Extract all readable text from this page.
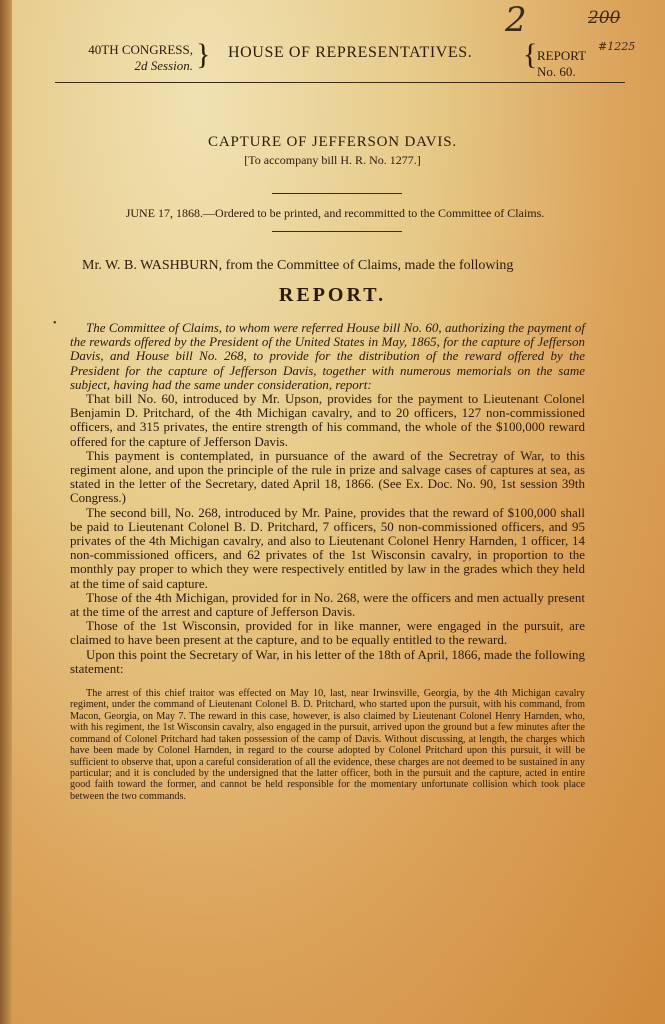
2	200
#1225
40TH CONGRESS,
2d Session. } HOUSE OF REPRESENTATIVES. { REPORT
No. 60.
CAPTURE OF JEFFERSON DAVIS.
[To accompany bill H. R. No. 1277.]
JUNE 17, 1868.—Ordered to be printed, and recommitted to the Committee of Claims.
Mr. W. B. WASHBURN, from the Committee of Claims, made the following
REPORT.
•	The Committee of Claims, to whom were referred House bill No. 60, authorizing the payment of the rewards offered by the President of the United States in May, 1865, for the capture of Jefferson Davis, and House bill No. 268, to provide for the distribution of the reward offered by the President for the capture of Jefferson Davis, together with numerous memorials on the same subject, having had the same under consideration, report:

That bill No. 60, introduced by Mr. Upson, provides for the payment to Lieutenant Colonel Benjamin D. Pritchard, of the 4th Michigan cavalry, and to 20 officers, 127 non-commissioned officers, and 315 privates, the entire strength of his command, the whole of the $100,000 reward offered for the capture of Jefferson Davis.

This payment is contemplated, in pursuance of the award of the Secretray of War, to this regiment alone, and upon the principle of the rule in prize and salvage cases of captures at sea, as stated in the letter of the Secretary, dated April 18, 1866. (See Ex. Doc. No. 90, 1st session 39th Congress.)

The second bill, No. 268, introduced by Mr. Paine, provides that the reward of $100,000 shall be paid to Lieutenant Colonel B. D. Pritchard, 7 officers, 50 non-commissioned officers, and 95 privates of the 4th Michigan cavalry, and also to Lieutenant Colonel Henry Harnden, 1 officer, 14 non-commissioned officers, and 62 privates of the 1st Wisconsin cavalry, in proportion to the monthly pay proper to which they were respectively entitled by law in the grades which they held at the time of said capture.

Those of the 4th Michigan, provided for in No. 268, were the officers and men actually present at the time of the arrest and capture of Jefferson Davis.

Those of the 1st Wisconsin, provided for in like manner, were engaged in the pursuit, are claimed to have been present at the capture, and to be equally entitled to the reward.

Upon this point the Secretary of War, in his letter of the 18th of April, 1866, made the following statement:

The arrest of this chief traitor was effected on May 10, last, near Irwinsville, Georgia, by the 4th Michigan cavalry regiment, under the command of Lieutenant Colonel B. D. Pritchard, who started upon the pursuit, with his command, from Macon, Georgia, on May 7. The reward in this case, however, is also claimed by Lieutenant Colonel Henry Harnden, who, with his regiment, the 1st Wisconsin cavalry, also engaged in the pursuit, arrived upon the ground but a few minutes after the command of Colonel Pritchard had taken possession of the camp of Davis. Without discussing, at length, the charges which have been made by Colonel Harnden, in regard to the course adopted by Colonel Pritchard upon this pursuit, it will be sufficient to observe that, upon a careful consideration of all the evidence, these charges are not deemed to be sustained in any particular; and it is concluded by the undersigned that the latter officer, both in the pursuit and the capture, acted in entire good faith toward the former, and cannot be held responsible for the momentary unfortunate collision which took place between the two commands.
